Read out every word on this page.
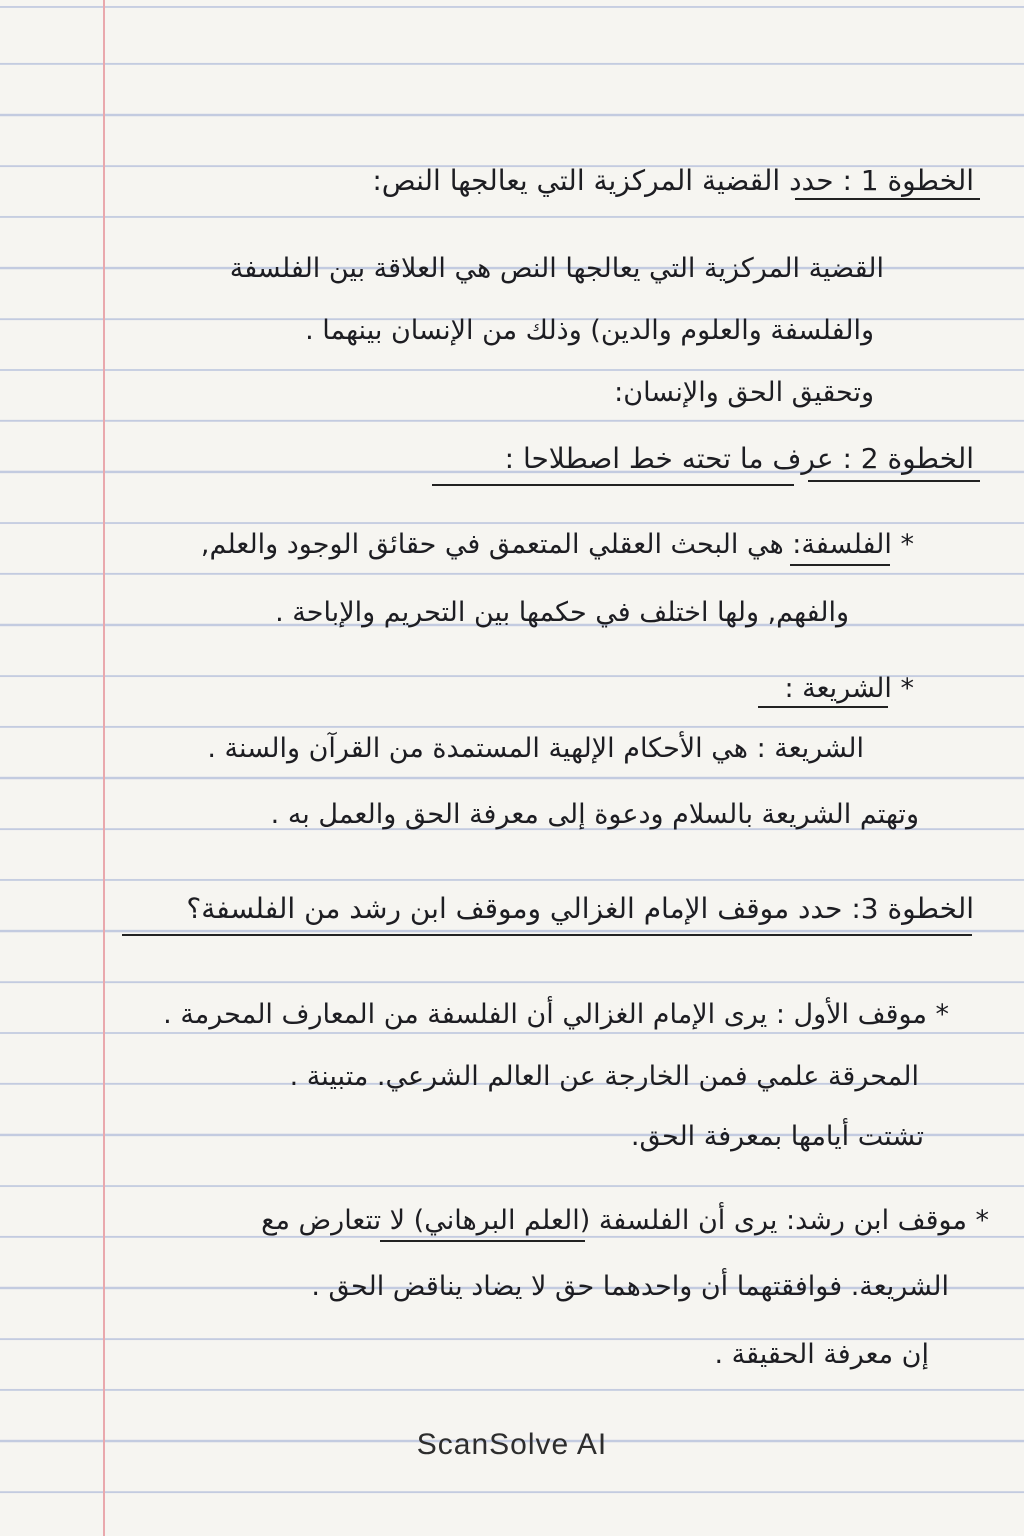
الخطوة 1 : حدد القضية المركزية التي يعالجها النص:
القضية المركزية التي يعالجها النص هي العلاقة بين الفلسفة
والفلسفة والعلوم والدين) وذلك من الإنسان بينهما .
وتحقيق الحق والإنسان:
الخطوة 2 : عرف ما تحته خط اصطلاحا :
* الفلسفة: هي البحث العقلي المتعمق في حقائق الوجود والعلم,
والفهم, ولها اختلف في حكمها بين التحريم والإباحة .
* الشريعة :
الشريعة : هي الأحكام الإلهية المستمدة من القرآن والسنة .
وتهتم الشريعة بالسلام ودعوة إلى معرفة الحق والعمل به .
الخطوة 3: حدد موقف الإمام الغزالي وموقف ابن رشد من الفلسفة؟
* موقف الأول : يرى الإمام الغزالي أن الفلسفة من المعارف المحرمة .
المحرقة علمي فمن الخارجة عن العالم الشرعي. متبينة .
تشتت أيامها بمعرفة الحق.
* موقف ابن رشد: يرى أن الفلسفة (العلم البرهاني) لا تتعارض مع
الشريعة. فوافقتهما أن واحدهما حق لا يضاد يناقض الحق .
إن معرفة الحقيقة .
ScanSolve AI
